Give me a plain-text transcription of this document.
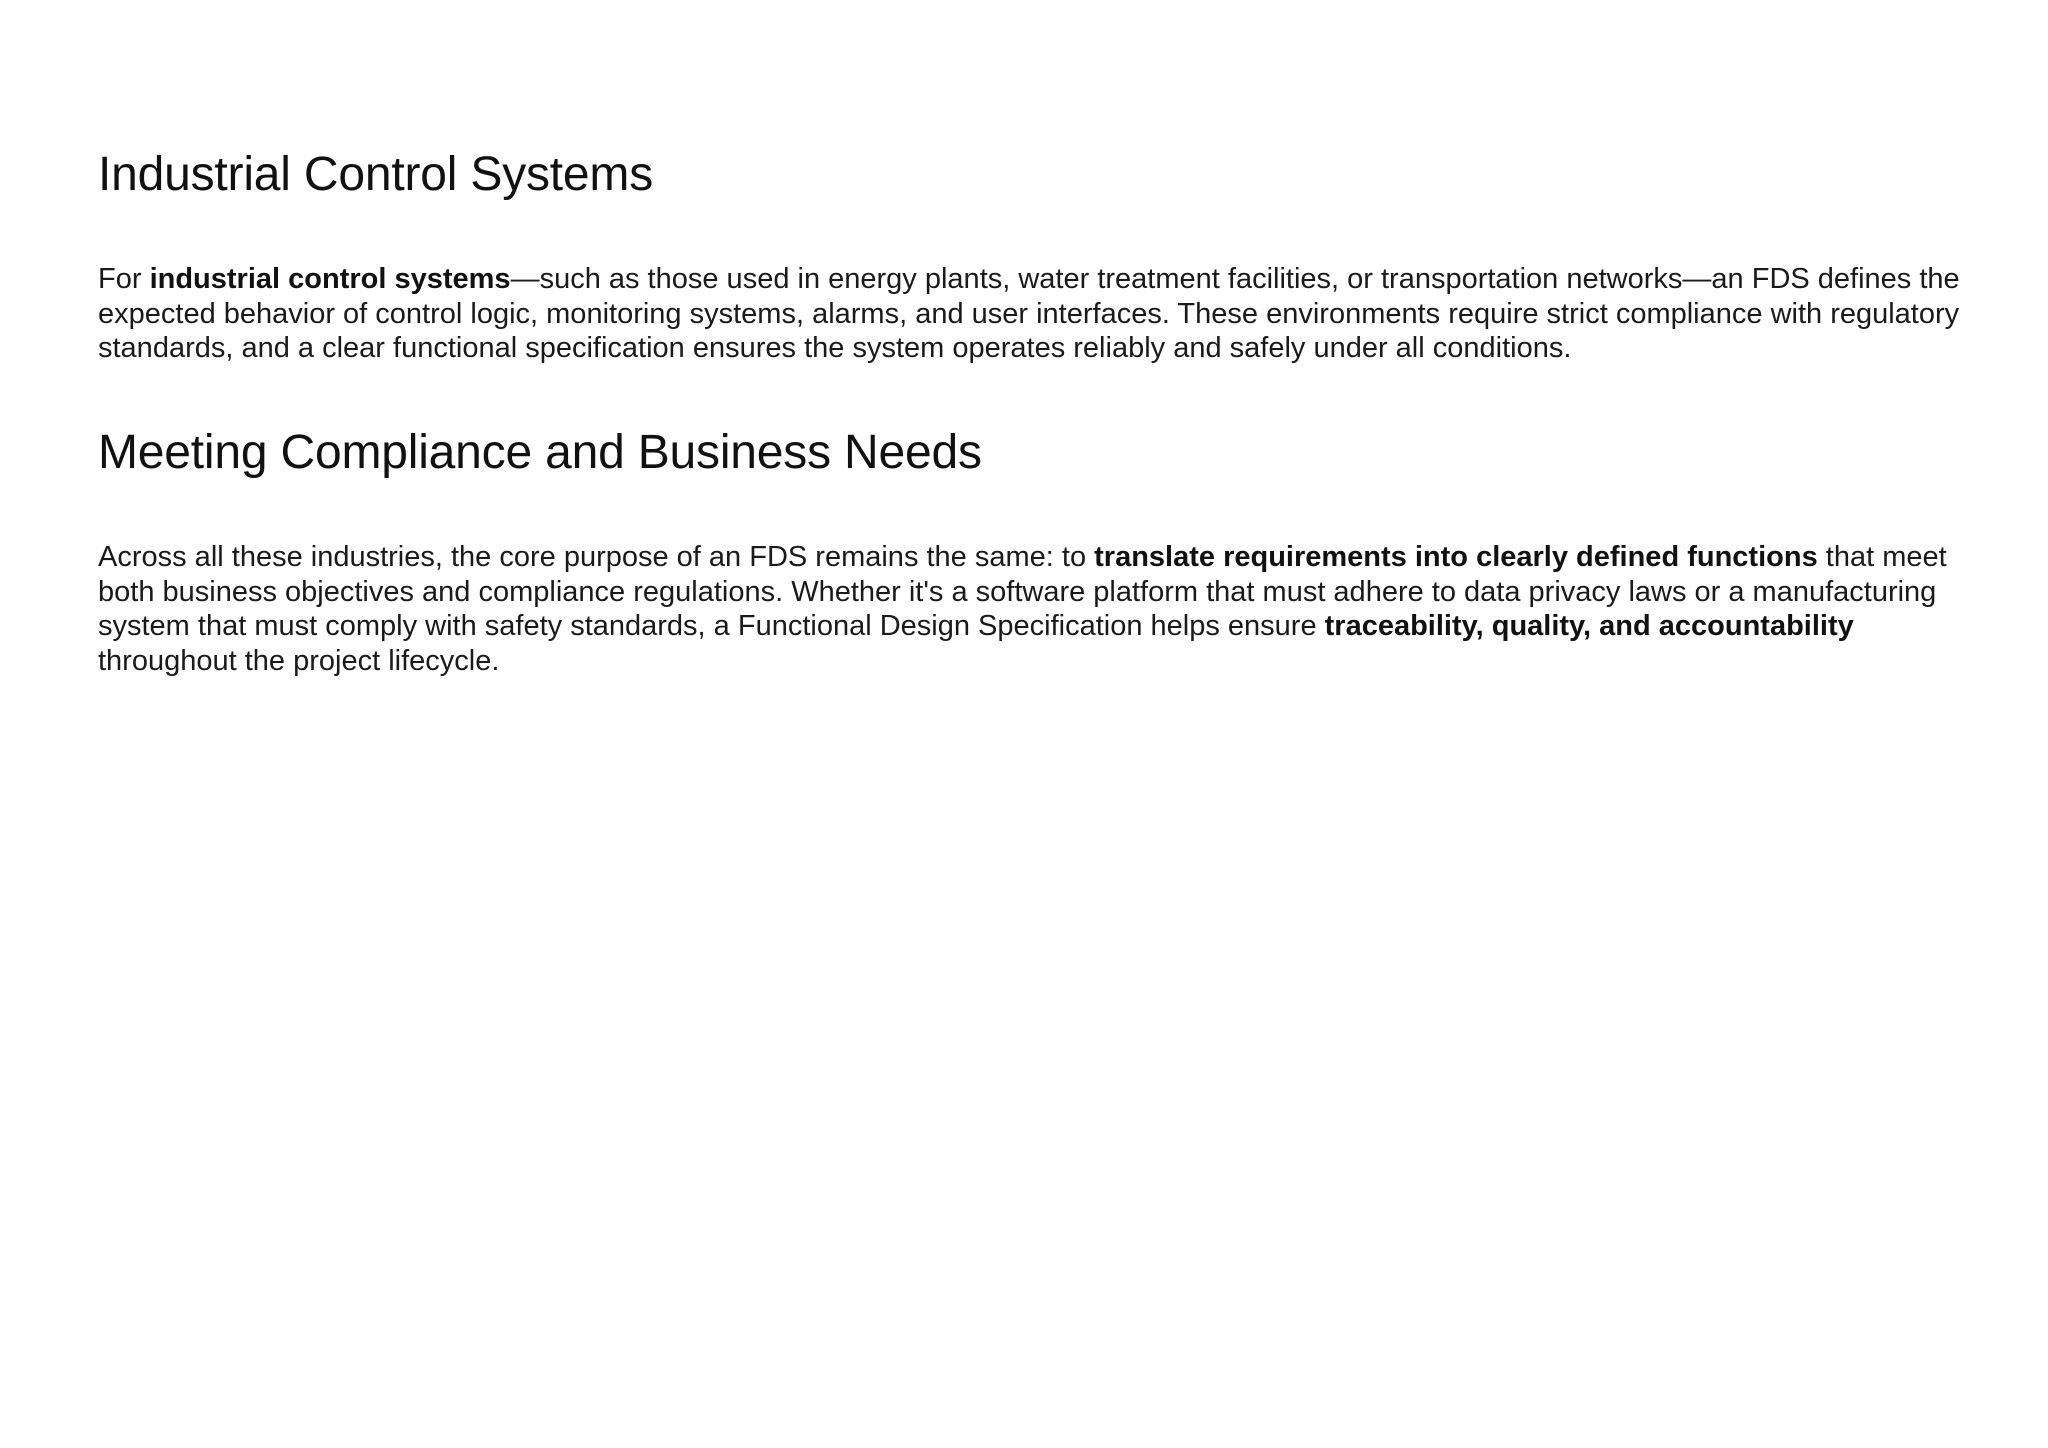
Industrial Control Systems

For industrial control systems—such as those used in energy plants, water treatment facilities, or transportation networks—an FDS defines the expected behavior of control logic, monitoring systems, alarms, and user interfaces. These environments require strict compliance with regulatory standards, and a clear functional specification ensures the system operates reliably and safely under all conditions.

Meeting Compliance and Business Needs

Across all these industries, the core purpose of an FDS remains the same: to translate requirements into clearly defined functions that meet both business objectives and compliance regulations. Whether it's a software platform that must adhere to data privacy laws or a manufacturing system that must comply with safety standards, a Functional Design Specification helps ensure traceability, quality, and accountability throughout the project lifecycle.
